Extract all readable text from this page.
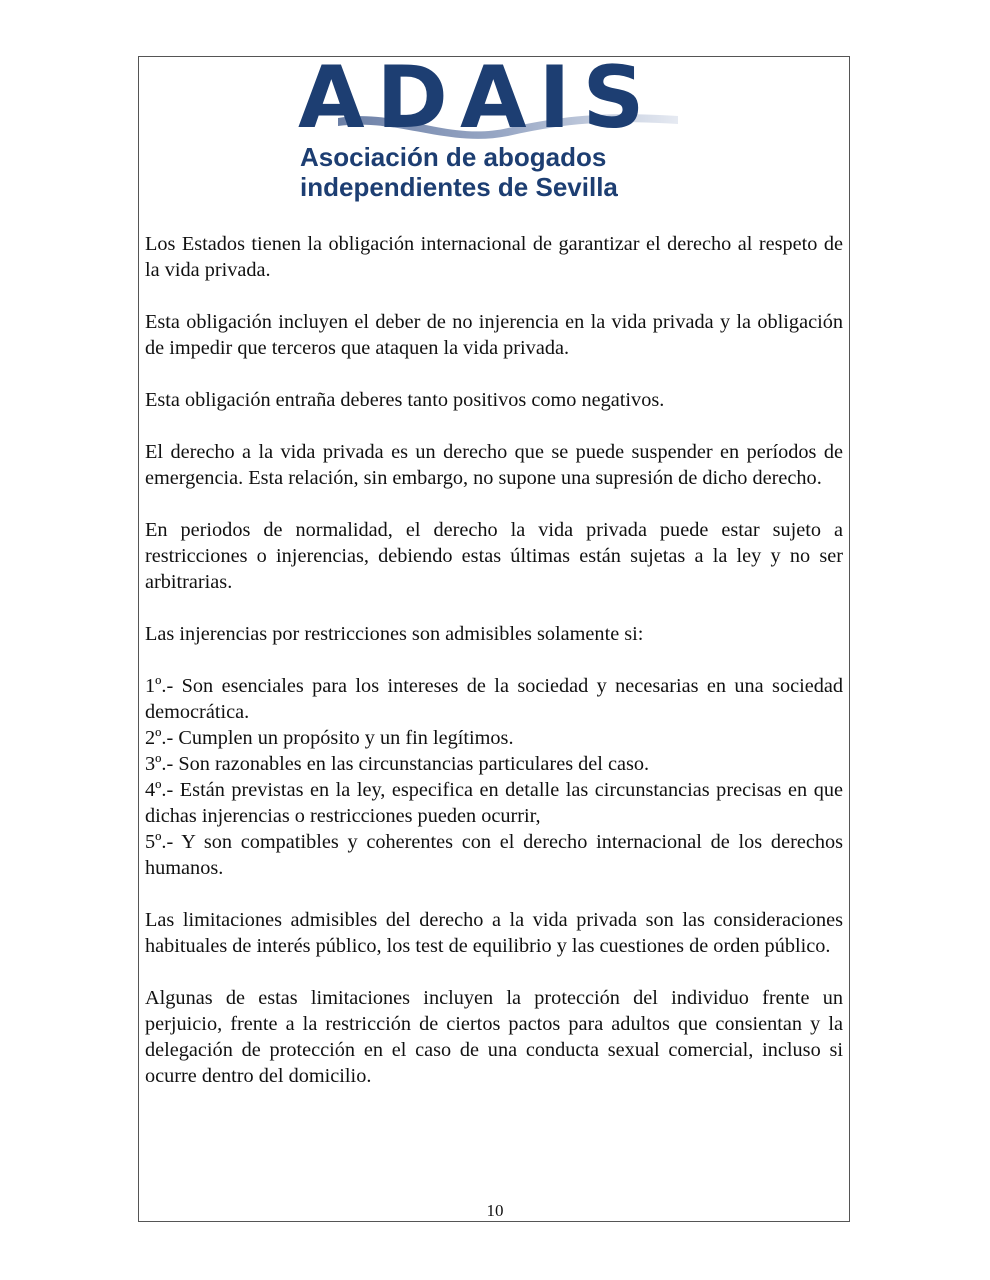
ADAIS
Asociación de abogados
independientes de Sevilla

Los Estados tienen la obligación internacional de garantizar el derecho al respeto de la vida privada.

Esta obligación incluyen el deber de no injerencia en la vida privada y la obligación de impedir que terceros que ataquen la vida privada.

Esta obligación entraña deberes tanto positivos como negativos.

El derecho a la vida privada es un derecho que se puede suspender en períodos de emergencia. Esta relación, sin embargo, no supone una supresión de dicho derecho.

En periodos de normalidad, el derecho la vida privada puede estar sujeto a restricciones o injerencias, debiendo estas últimas están sujetas a la ley y no ser arbitrarias.

Las injerencias por restricciones son admisibles solamente si:

1º.- Son esenciales para los intereses de la sociedad y necesarias en una sociedad democrática.

2º.- Cumplen un propósito y un fin legítimos.

3º.- Son razonables en las circunstancias particulares del caso.

4º.- Están previstas en la ley, especifica en detalle las circunstancias precisas en que dichas injerencias o restricciones pueden ocurrir,

5º.- Y son compatibles y coherentes con el derecho internacional de los derechos humanos.

Las limitaciones admisibles del derecho a la vida privada son las consideraciones habituales de interés público, los test de equilibrio y las cuestiones de orden público.

Algunas de estas limitaciones incluyen la protección del individuo frente un perjuicio, frente a la restricción de ciertos pactos para adultos que consientan y la delegación de protección en el caso de una conducta sexual comercial, incluso si ocurre dentro del domicilio.

10
